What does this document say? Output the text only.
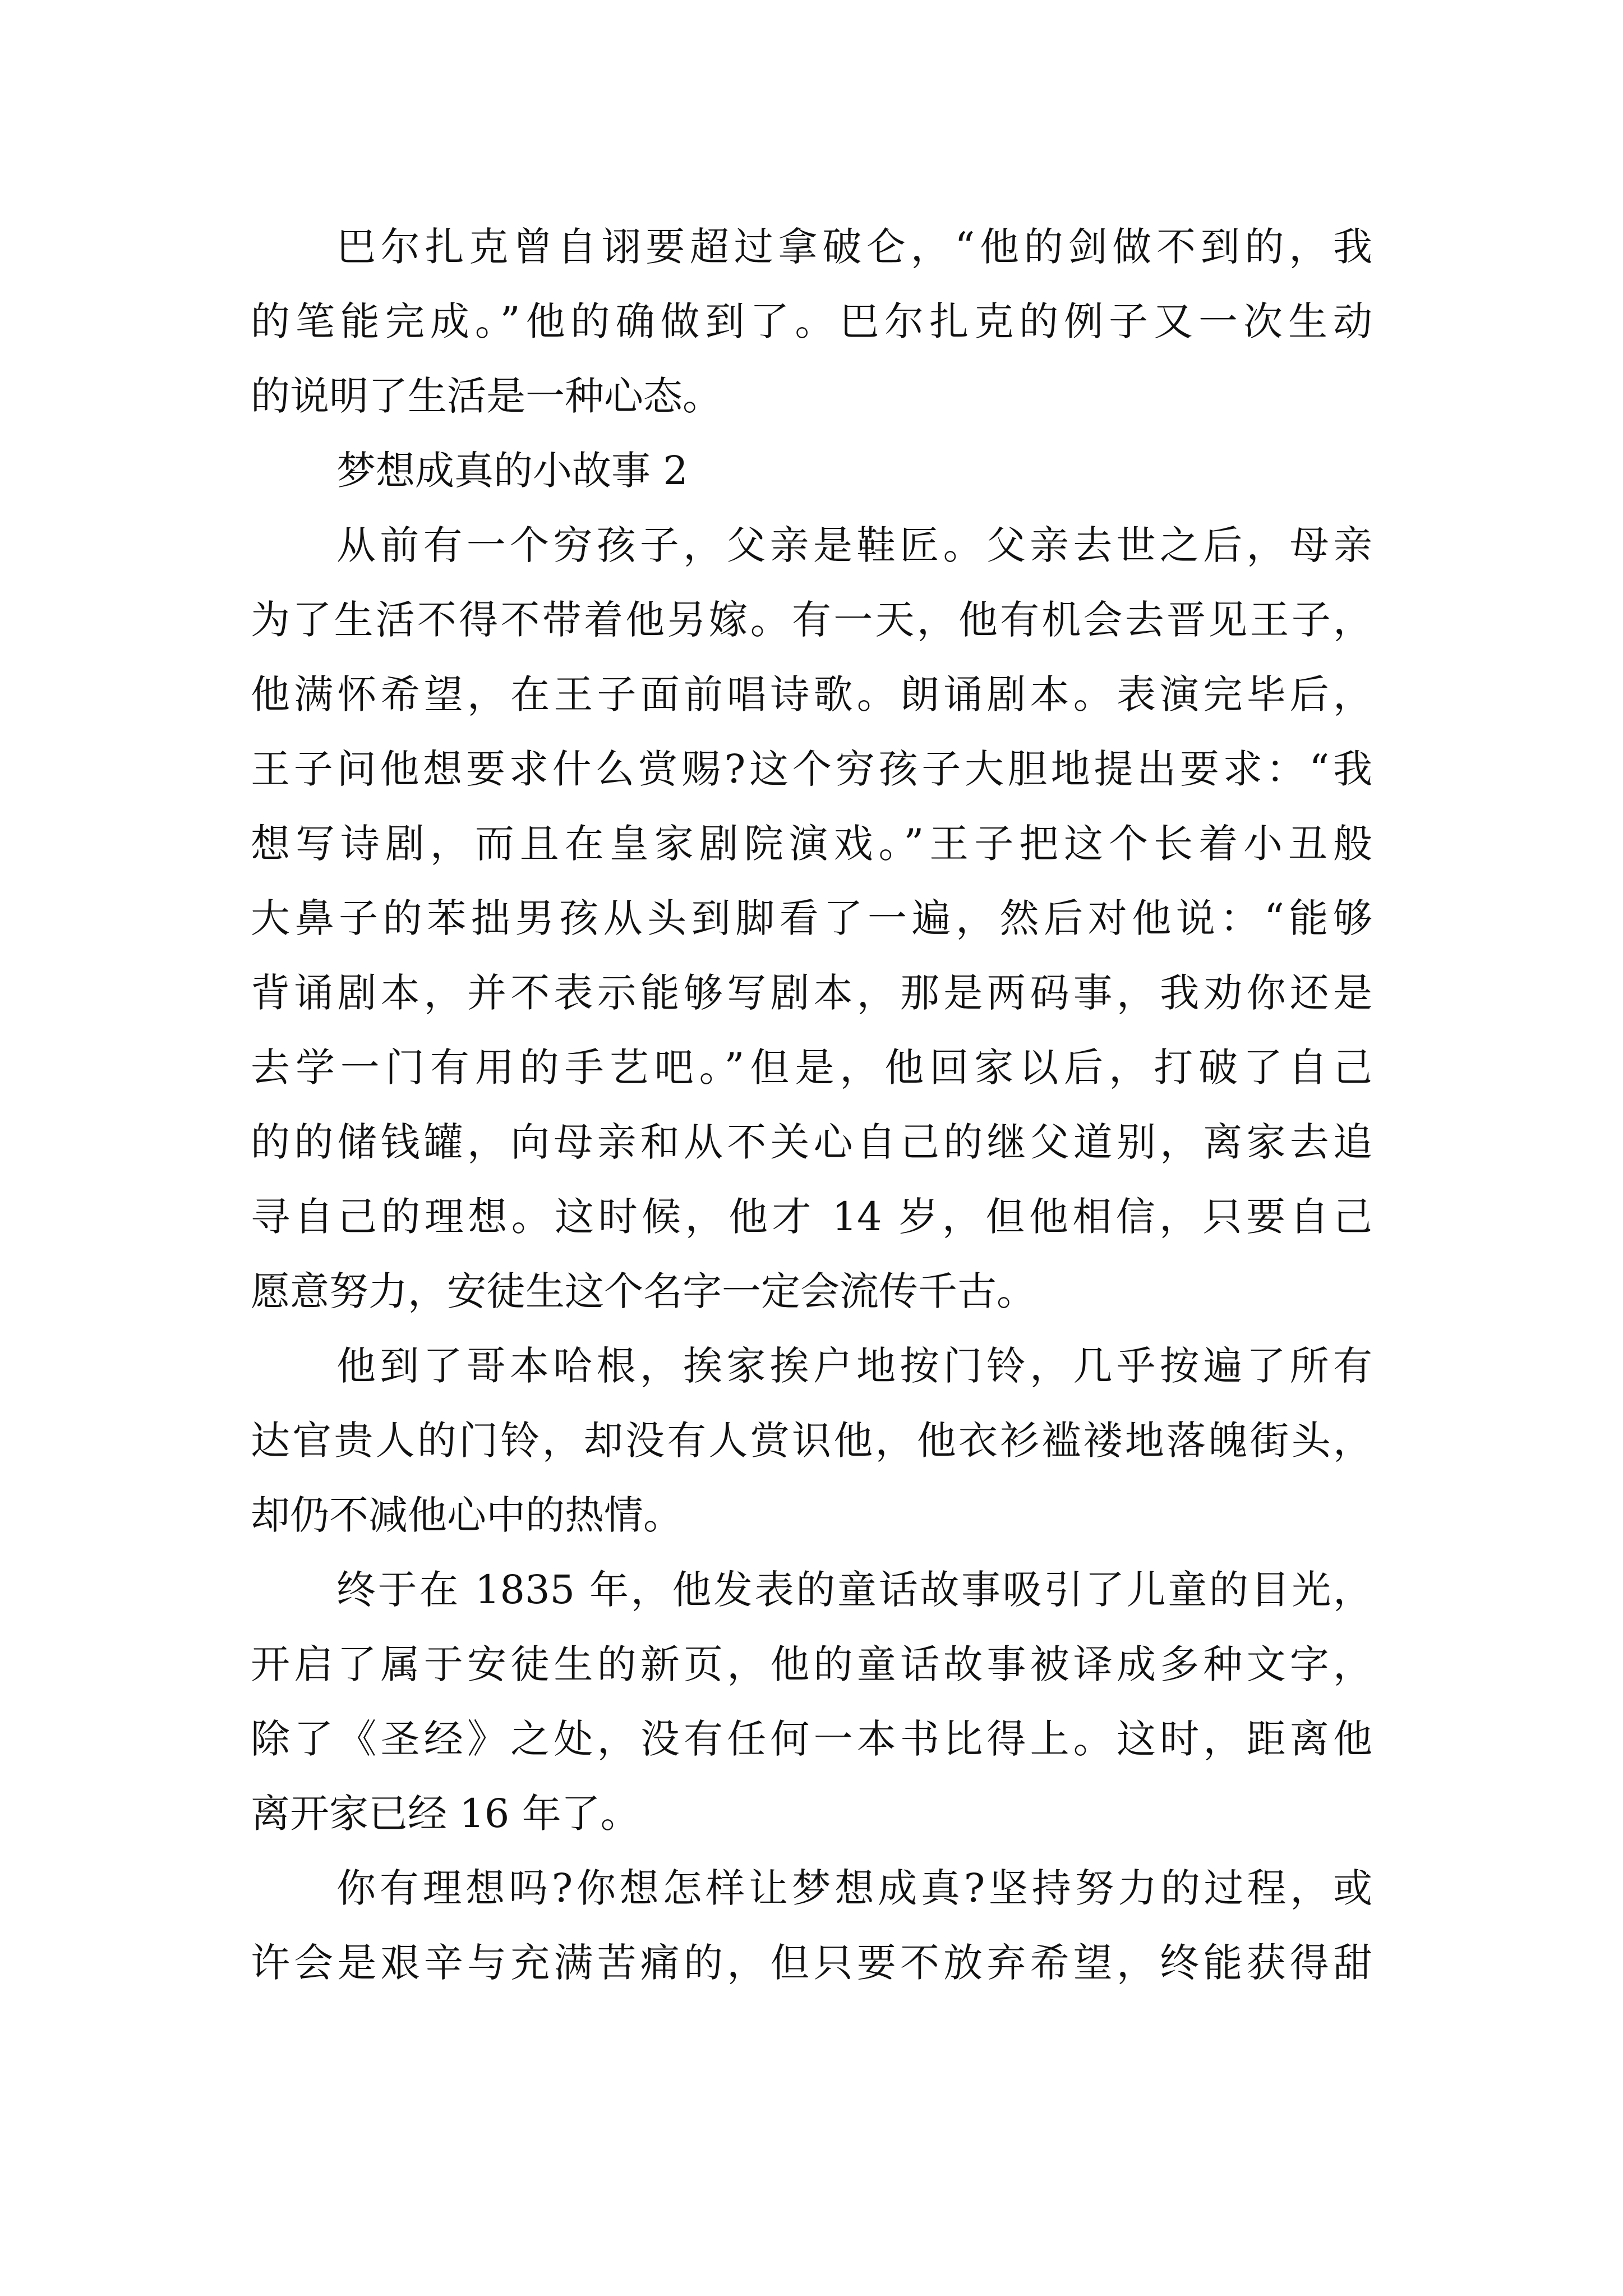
巴尔扎克曾自诩要超过拿破仑，“他的剑做不到的，我
的笔能完成。”他的确做到了。巴尔扎克的例子又一次生动
的说明了生活是一种心态。
梦想成真的小故事 2
从前有一个穷孩子，父亲是鞋匠。父亲去世之后，母亲
为了生活不得不带着他另嫁。有一天，他有机会去晋见王子，
他满怀希望，在王子面前唱诗歌。朗诵剧本。表演完毕后，
王子问他想要求什么赏赐?这个穷孩子大胆地提出要求：“我
想写诗剧，而且在皇家剧院演戏。”王子把这个长着小丑般
大鼻子的苯拙男孩从头到脚看了一遍，然后对他说：“能够
背诵剧本，并不表示能够写剧本，那是两码事，我劝你还是
去学一门有用的手艺吧。”但是，他回家以后，打破了自己
的的储钱罐，向母亲和从不关心自己的继父道别，离家去追
寻自己的理想。这时候，他才 14 岁，但他相信，只要自己
愿意努力，安徒生这个名字一定会流传千古。
他到了哥本哈根，挨家挨户地按门铃，几乎按遍了所有
达官贵人的门铃，却没有人赏识他，他衣衫褴褛地落魄街头，
却仍不减他心中的热情。
终于在 1835 年，他发表的童话故事吸引了儿童的目光，
开启了属于安徒生的新页，他的童话故事被译成多种文字，
除了《圣经》之处，没有任何一本书比得上。这时，距离他
离开家已经 16 年了。
你有理想吗?你想怎样让梦想成真?坚持努力的过程，或
许会是艰辛与充满苦痛的，但只要不放弃希望，终能获得甜
